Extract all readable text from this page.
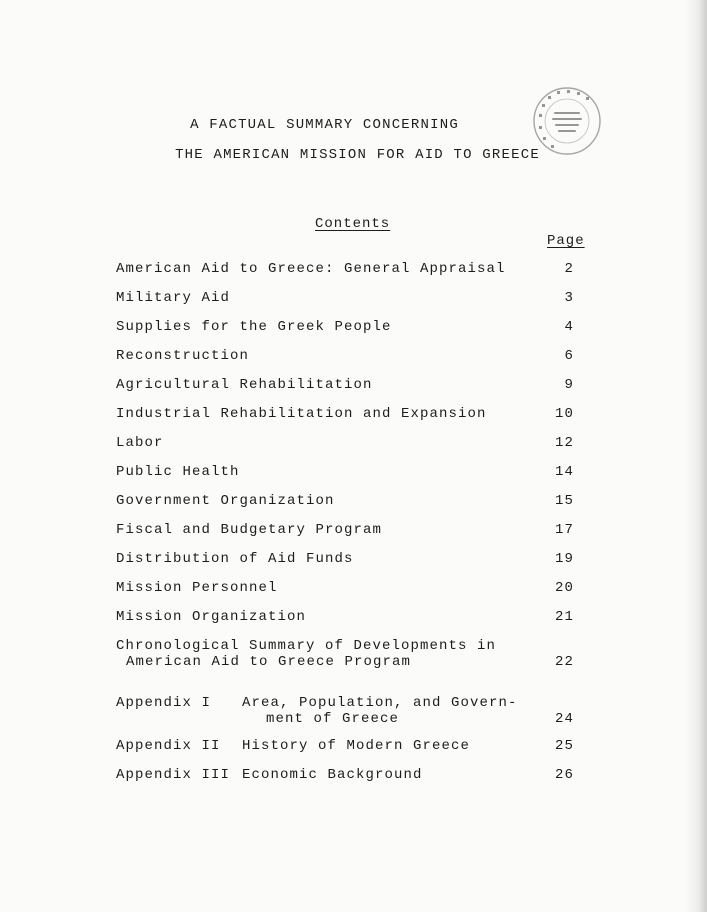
A FACTUAL SUMMARY CONCERNING
THE AMERICAN MISSION FOR AID TO GREECE
Contents
Page
American Aid to Greece: General Appraisal	2
Military Aid	3
Supplies for the Greek People	4
Reconstruction	6
Agricultural Rehabilitation	9
Industrial Rehabilitation and Expansion	10
Labor	12
Public Health	14
Government Organization	15
Fiscal and Budgetary Program	17
Distribution of Aid Funds	19
Mission Personnel	20
Mission Organization	21
Chronological Summary of Developments in
American Aid to Greece Program	22
Appendix I Area, Population, and Govern-
ment of Greece	24
Appendix II History of Modern Greece	25
Appendix III Economic Background	26
